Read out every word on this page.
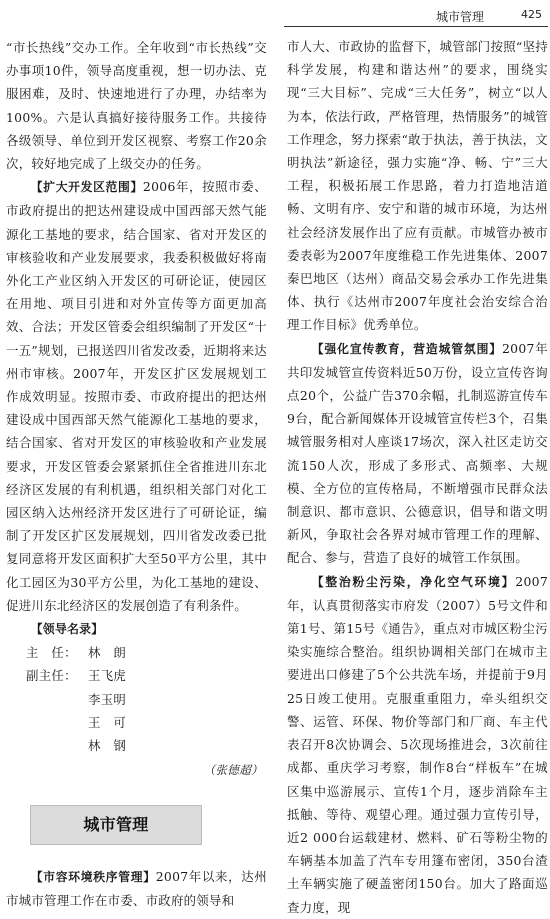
城市管理	425

“市长热线”交办工作。全年收到“市长热线”交办事项10件，领导高度重视，想一切办法、克服困难，及时、快速地进行了办理，办结率为100%。六是认真搞好接待服务工作。共接待各级领导、单位到开发区视察、考察工作20余次，较好地完成了上级交办的任务。

【扩大开发区范围】2006年，按照市委、市政府提出的把达州建设成中国西部天然气能源化工基地的要求，结合国家、省对开发区的审核验收和产业发展要求，我委积极做好将南外化工产业区纳入开发区的可研论证，使园区在用地、项目引进和对外宣传等方面更加高效、合法；开发区管委会组织编制了开发区“十一五”规划，已报送四川省发改委，近期将来达州市审核。2007年，开发区扩区发展规划工作成效明显。按照市委、市政府提出的把达州建设成中国西部天然气能源化工基地的要求，结合国家、省对开发区的审核验收和产业发展要求，开发区管委会紧紧抓住全省推进川东北经济区发展的有利机遇，组织相关部门对化工园区纳入达州经济开发区进行了可研论证，编制了开发区扩区发展规划，四川省发改委已批复同意将开发区面积扩大至50平方公里，其中化工园区为30平方公里，为化工基地的建设、促进川东北经济区的发展创造了有利条件。

【领导名录】

主　任： 林　朗
副主任： 王飞虎
李玉明
王　可
林　钢
（张德超）
城市管理

【市容环境秩序管理】2007年以来，达州市城市管理工作在市委、市政府的领导和

市人大、市政协的监督下，城管部门按照“坚持科学发展，构建和谐达州”的要求，围绕实现“三大目标”、完成“三大任务”，树立“以人为本，依法行政，严格管理，热情服务”的城管工作理念，努力探索“敢于执法，善于执法，文明执法”新途径，强力实施“净、畅、宁”三大工程，积极拓展工作思路，着力打造地洁道畅、文明有序、安宁和谐的城市环境，为达州社会经济发展作出了应有贡献。市城管办被市委表彰为2007年度维稳工作先进集体、2007秦巴地区（达州）商品交易会承办工作先进集体、执行《达州市2007年度社会治安综合治理工作目标》优秀单位。

【强化宣传教育，营造城管氛围】2007年共印发城管宣传资料近50万份，设立宣传咨询点20个，公益广告370余幅，扎制巡游宣传车9台，配合新闻媒体开设城管宣传栏3个，召集城管服务相对人座谈17场次，深入社区走访交流150人次，形成了多形式、高频率、大规模、全方位的宣传格局，不断增强市民群众法制意识、都市意识、公德意识，倡导和谐文明新风，争取社会各界对城市管理工作的理解、配合、参与，营造了良好的城管工作氛围。

【整治粉尘污染，净化空气环境】2007年，认真贯彻落实市府发（2007）5号文件和第1号、第15号《通告》，重点对市城区粉尘污染实施综合整治。组织协调相关部门在城市主要进出口修建了5个公共洗车场，并提前于9月25日竣工使用。克服重重阻力，牵头组织交警、运管、环保、物价等部门和厂商、车主代表召开8次协调会、5次现场推进会，3次前往成都、重庆学习考察，制作8台“样板车”在城区集中巡游展示、宣传1个月，逐步消除车主抵触、等待、观望心理。通过强力宣传引导，近2 000台运载建材、燃料、矿石等粉尘物的车辆基本加盖了汽车专用篷布密闭，350台渣土车辆实施了硬盖密闭150台。加大了路面巡查力度，现
